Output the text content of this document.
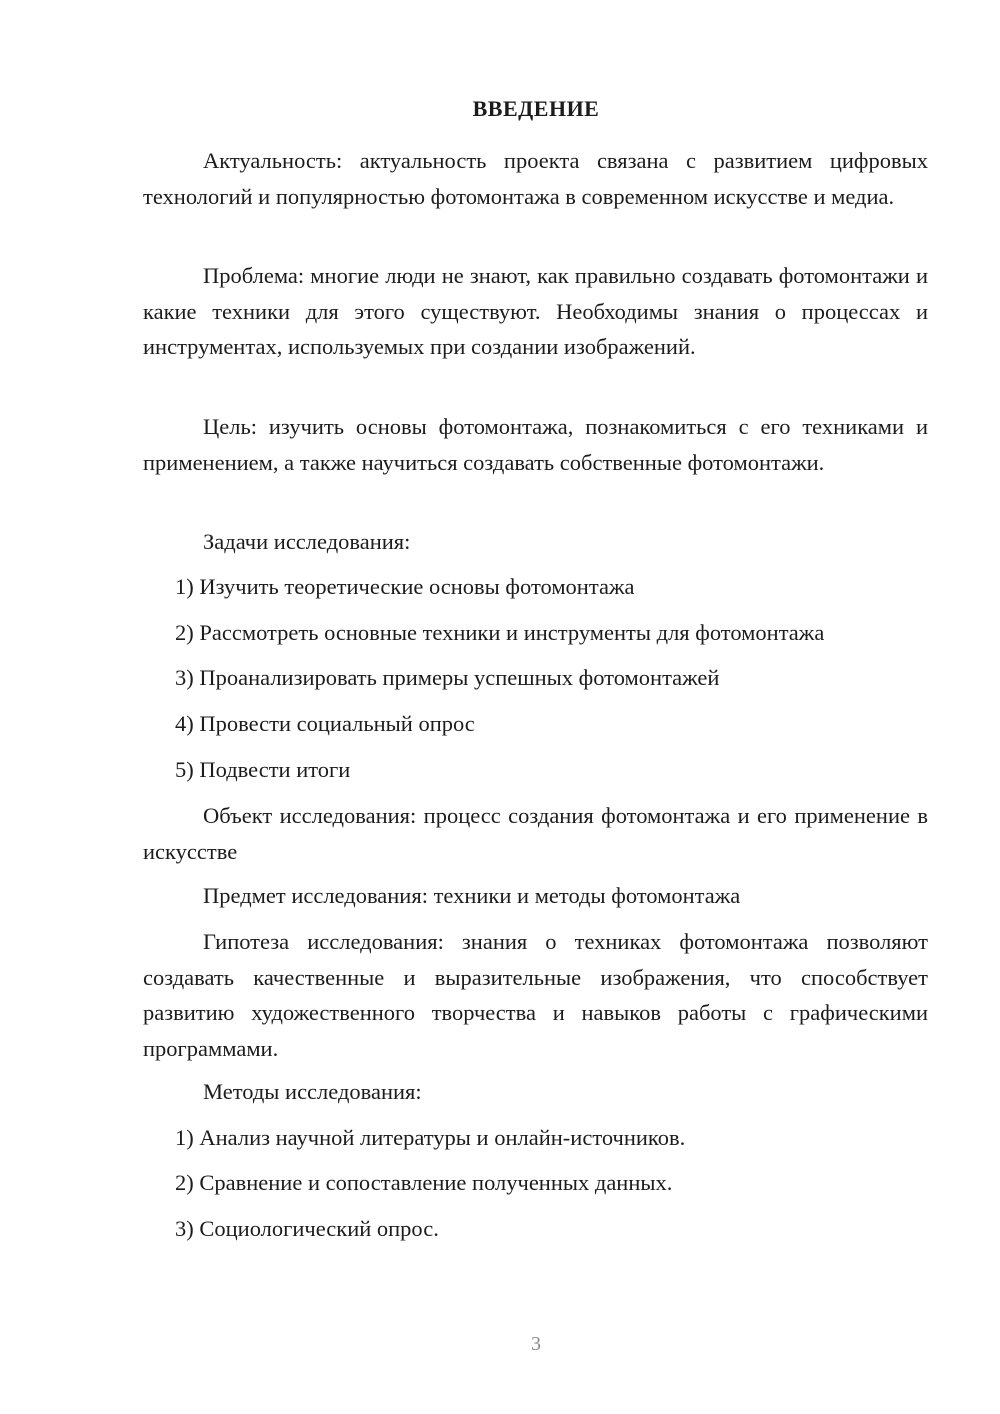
ВВЕДЕНИЕ

Актуальность: актуальность проекта связана с развитием цифровых технологий и популярностью фотомонтажа в современном искусстве и медиа.

Проблема: многие люди не знают, как правильно создавать фотомонтажи и какие техники для этого существуют. Необходимы знания о процессах и инструментах, используемых при создании изображений.

Цель: изучить основы фотомонтажа, познакомиться с его техниками и применением, а также научиться создавать собственные фотомонтажи.

Задачи исследования:

1) Изучить теоретические основы фотомонтажа
2) Рассмотреть основные техники и инструменты для фотомонтажа
3) Проанализировать примеры успешных фотомонтажей
4) Провести социальный опрос
5) Подвести итоги

Объект исследования: процесс создания фотомонтажа и его применение в искусстве

Предмет исследования: техники и методы фотомонтажа

Гипотеза исследования: знания о техниках фотомонтажа позволяют создавать качественные и выразительные изображения, что способствует развитию художественного творчества и навыков работы с графическими программами.

Методы исследования:

1) Анализ научной литературы и онлайн-источников.
2) Сравнение и сопоставление полученных данных.
3) Социологический опрос.
3
